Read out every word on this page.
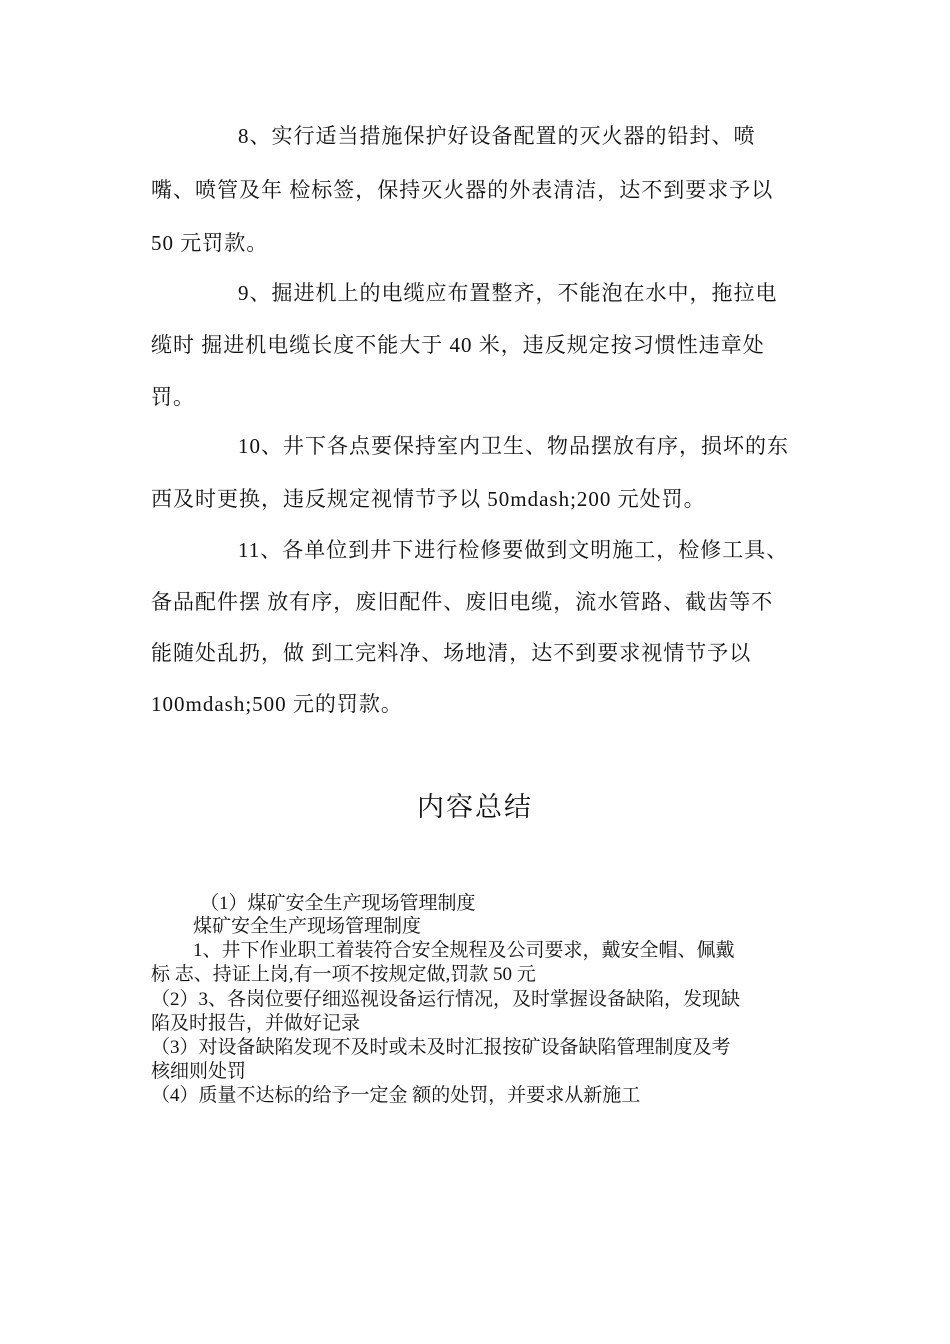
8、实行适当措施保护好设备配置的灭火器的铅封、喷
嘴、喷管及年 检标签，保持灭火器的外表清洁，达不到要求予以
50 元罚款。
9、掘进机上的电缆应布置整齐，不能泡在水中，拖拉电
缆时 掘进机电缆长度不能大于 40 米，违反规定按习惯性违章处
罚。
10、井下各点要保持室内卫生、物品摆放有序，损坏的东
西及时更换，违反规定视情节予以 50mdash;200 元处罚。
11、各单位到井下进行检修要做到文明施工，检修工具、
备品配件摆 放有序，废旧配件、废旧电缆，流水管路、截齿等不
能随处乱扔，做 到工完料净、场地清，达不到要求视情节予以
100mdash;500 元的罚款。
内容总结
（1）煤矿安全生产现场管理制度
煤矿安全生产现场管理制度
1、井下作业职工着装符合安全规程及公司要求，戴安全帽、佩戴
标 志、持证上岗,有一项不按规定做,罚款 50 元
（2）3、各岗位要仔细巡视设备运行情况，及时掌握设备缺陷，发现缺
陷及时报告，并做好记录
（3）对设备缺陷发现不及时或未及时汇报按矿设备缺陷管理制度及考
核细则处罚
（4）质量不达标的给予一定金 额的处罚，并要求从新施工
